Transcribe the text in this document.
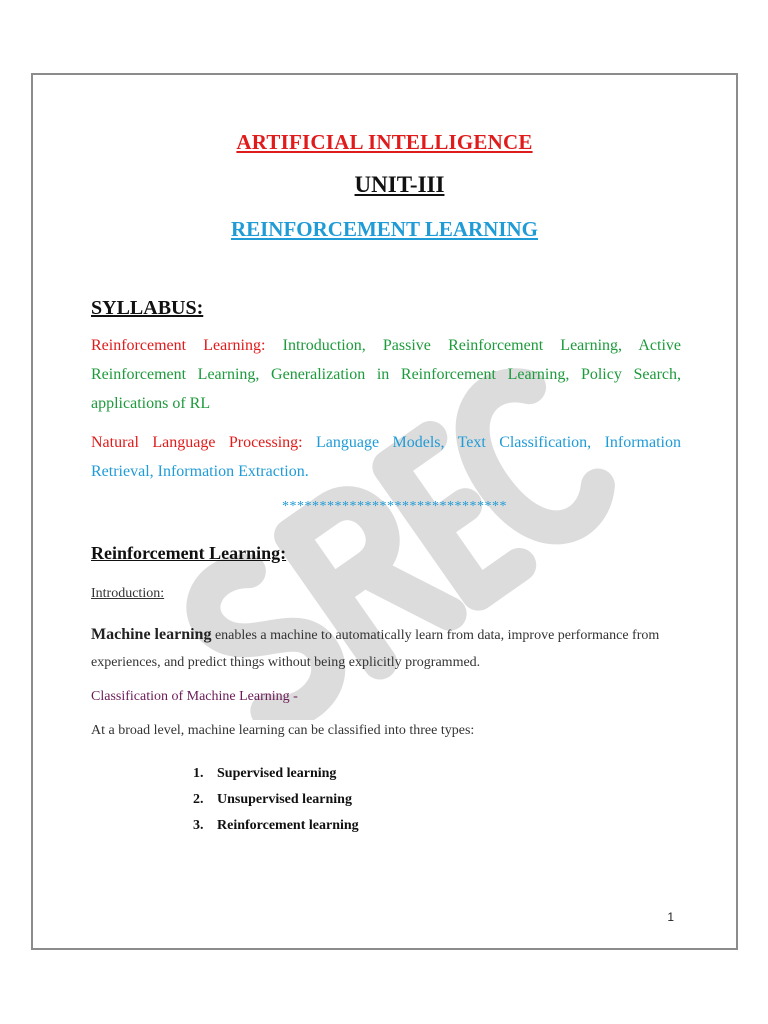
ARTIFICIAL INTELLIGENCE
UNIT-III
REINFORCEMENT LEARNING
SYLLABUS:
Reinforcement Learning: Introduction, Passive Reinforcement Learning, Active Reinforcement Learning, Generalization in Reinforcement Learning, Policy Search, applications of RL
Natural Language Processing: Language Models, Text Classification, Information Retrieval, Information Extraction.
******************************
Reinforcement Learning:
Introduction:
Machine learning enables a machine to automatically learn from data, improve performance from experiences, and predict things without being explicitly programmed.
Classification of Machine Learning -
At a broad level, machine learning can be classified into three types:
1. Supervised learning
2. Unsupervised learning
3. Reinforcement learning
1
